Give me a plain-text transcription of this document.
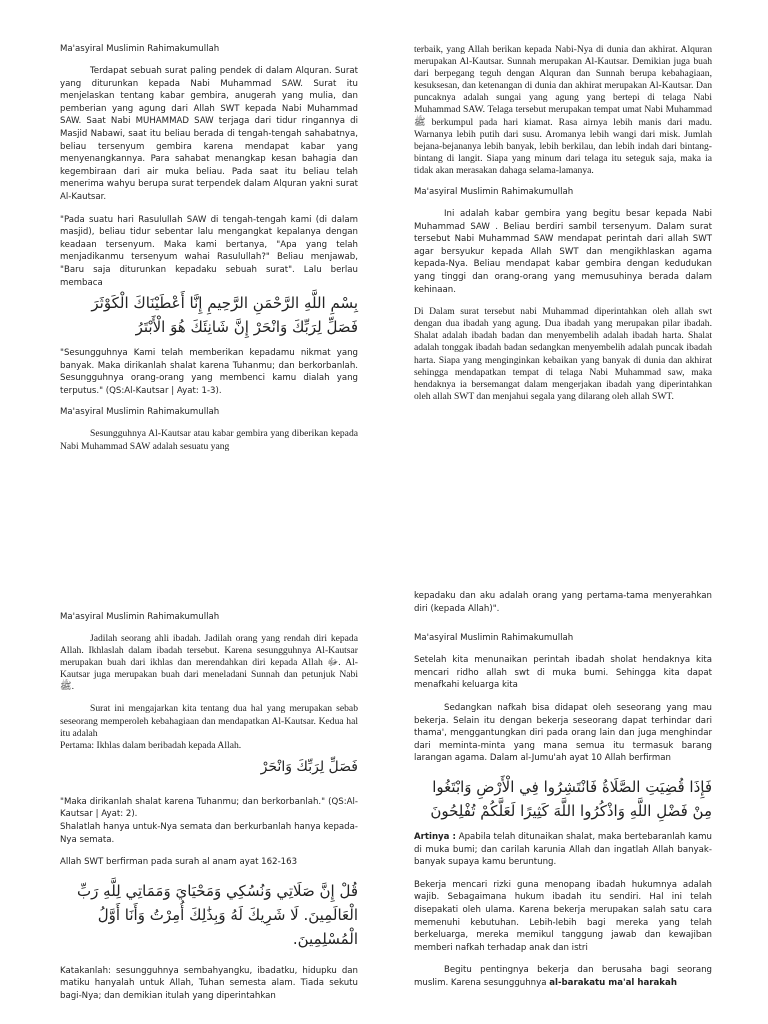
Ma'asyiral Muslimin Rahimakumullah

Terdapat sebuah surat paling pendek di dalam Alquran. Surat yang diturunkan kepada Nabi Muhammad SAW. Surat itu menjelaskan tentang kabar gembira, anugerah yang mulia, dan pemberian yang agung dari Allah SWT kepada Nabi Muhammad SAW. Saat Nabi MUHAMMAD SAW terjaga dari tidur ringannya di Masjid Nabawi, saat itu beliau berada di tengah-tengah sahabatnya, beliau tersenyum gembira karena mendapat kabar yang menyenangkannya. Para sahabat menangkap kesan bahagia dan kegembiraan dari air muka beliau. Pada saat itu beliau telah menerima wahyu berupa surat terpendek dalam Alquran yakni surat Al-Kautsar.

"Pada suatu hari Rasulullah SAW di tengah-tengah kami (di dalam masjid), beliau tidur sebentar lalu mengangkat kepalanya dengan keadaan tersenyum. Maka kami bertanya, "Apa yang telah menjadikanmu tersenyum wahai Rasulullah?" Beliau menjawab, "Baru saja diturunkan kepadaku sebuah surat". Lalu berlau membaca

بِسْمِ اللَّهِ الرَّحْمَنِ الرَّحِيمِ إِنَّا أَعْطَيْنَاكَ الْكَوْثَرَ فَصَلِّ لِرَبِّكَ وَانْحَرْ إِنَّ شَانِئَكَ هُوَ الْأَبْتَرُ

"Sesungguhnya Kami telah memberikan kepadamu nikmat yang banyak. Maka dirikanlah shalat karena Tuhanmu; dan berkorbanlah. Sesungguhnya orang-orang yang membenci kamu dialah yang terputus." (QS:Al-Kautsar | Ayat: 1-3).

Ma'asyiral Muslimin Rahimakumullah

Sesungguhnya Al-Kautsar atau kabar gembira yang diberikan kepada Nabi Muhammad SAW adalah sesuatu yang

terbaik, yang Allah berikan kepada Nabi-Nya di dunia dan akhirat. Alquran merupakan Al-Kautsar. Sunnah merupakan Al-Kautsar. Demikian juga buah dari berpegang teguh dengan Alquran dan Sunnah berupa kebahagiaan, kesuksesan, dan ketenangan di dunia dan akhirat merupakan Al-Kautsar. Dan puncaknya adalah sungai yang agung yang bertepi di telaga Nabi Muhammad SAW. Telaga tersebut merupakan tempat umat Nabi Muhammad ﷺ berkumpul pada hari kiamat. Rasa airnya lebih manis dari madu. Warnanya lebih putih dari susu. Aromanya lebih wangi dari misk. Jumlah bejana-bejananya lebih banyak, lebih berkilau, dan lebih indah dari bintang-bintang di langit. Siapa yang minum dari telaga itu seteguk saja, maka ia tidak akan merasakan dahaga selama-lamanya.

Ma'asyiral Muslimin Rahimakumullah

Ini adalah kabar gembira yang begitu besar kepada Nabi Muhammad SAW . Beliau berdiri sambil tersenyum. Dalam surat tersebut Nabi Muhammad SAW mendapat perintah dari allah SWT agar bersyukur kepada Allah SWT dan mengikhlaskan agama kepada-Nya. Beliau mendapat kabar gembira dengan kedudukan yang tinggi dan orang-orang yang memusuhinya berada dalam kehinaan.

Di Dalam surat tersebut nabi Muhammad diperintahkan oleh allah swt dengan dua ibadah yang agung. Dua ibadah yang merupakan pilar ibadah. Shalat adalah ibadah badan dan menyembelih adalah ibadah harta. Shalat adalah tonggak ibadah badan sedangkan menyembelih adalah puncak ibadah harta. Siapa yang menginginkan kebaikan yang banyak di dunia dan akhirat sehingga mendapatkan tempat di telaga Nabi Muhammad saw, maka hendaknya ia bersemangat dalam mengerjakan ibadah yang diperintahkan oleh allah SWT dan menjahui segala yang dilarang oleh allah SWT.

Ma'asyiral Muslimin Rahimakumullah

Jadilah seorang ahli ibadah. Jadilah orang yang rendah diri kepada Allah. Ikhlaslah dalam ibadah tersebut. Karena sesungguhnya Al-Kautsar merupakan buah dari ikhlas dan merendahkan diri kepada Allah ﷻ. Al-Kautsar juga merupakan buah dari meneladani Sunnah dan petunjuk Nabi ﷺ.

Surat ini mengajarkan kita tentang dua hal yang merupakan sebab seseorang memperoleh kebahagiaan dan mendapatkan Al-Kautsar. Kedua hal itu adalah

Pertama: Ikhlas dalam beribadah kepada Allah.

فَصَلِّ لِرَبِّكَ وَانْحَرْ

"Maka dirikanlah shalat karena Tuhanmu; dan berkorbanlah." (QS:Al-Kautsar | Ayat: 2).

Shalatlah hanya untuk-Nya semata dan berkurbanlah hanya kepada-Nya semata.

Allah SWT berfirman pada surah al anam ayat 162-163

قُلْ إِنَّ صَلَاتِي وَنُسُكِي وَمَحْيَايَ وَمَمَاتِي لِلَّهِ رَبِّ الْعَالَمِينَ. لَا شَرِيكَ لَهُ وَبِذَٰلِكَ أُمِرْتُ وَأَنَا أَوَّلُ الْمُسْلِمِينَ.

Katakanlah: sesungguhnya sembahyangku, ibadatku, hidupku dan matiku hanyalah untuk Allah, Tuhan semesta alam. Tiada sekutu bagi-Nya; dan demikian itulah yang diperintahkan

kepadaku dan aku adalah orang yang pertama-tama menyerahkan diri (kepada Allah)".

Ma'asyiral Muslimin Rahimakumullah

Setelah kita menunaikan perintah ibadah sholat hendaknya kita mencari ridho allah swt di muka bumi. Sehingga kita dapat menafkahi keluarga kita

Sedangkan nafkah bisa didapat oleh seseorang yang mau bekerja. Selain itu dengan bekerja seseorang dapat terhindar dari thama', menggantungkan diri pada orang lain dan juga menghindar dari meminta-minta yang mana semua itu termasuk barang larangan agama. Dalam al-Jumu'ah ayat 10 Allah berfirman

فَإِذَا قُضِيَتِ الصَّلَاةُ فَانْتَشِرُوا فِي الْأَرْضِ وَابْتَغُوا مِنْ فَضْلِ اللَّهِ وَاذْكُرُوا اللَّهَ كَثِيرًا لَعَلَّكُمْ تُفْلِحُونَ

Artinya : Apabila telah ditunaikan shalat, maka bertebaranlah kamu di muka bumi; dan carilah karunia Allah dan ingatlah Allah banyak-banyak supaya kamu beruntung.

Bekerja mencari rizki guna menopang ibadah hukumnya adalah wajib. Sebagaimana hukum ibadah itu sendiri. Hal ini telah disepakati oleh ulama. Karena bekerja merupakan salah satu cara memenuhi kebutuhan. Lebih-lebih bagi mereka yang telah berkeluarga, mereka memikul tanggung jawab dan kewajiban memberi nafkah terhadap anak dan istri

Begitu pentingnya bekerja dan berusaha bagi seorang muslim. Karena sesungguhnya al-barakatu ma'al harakah
